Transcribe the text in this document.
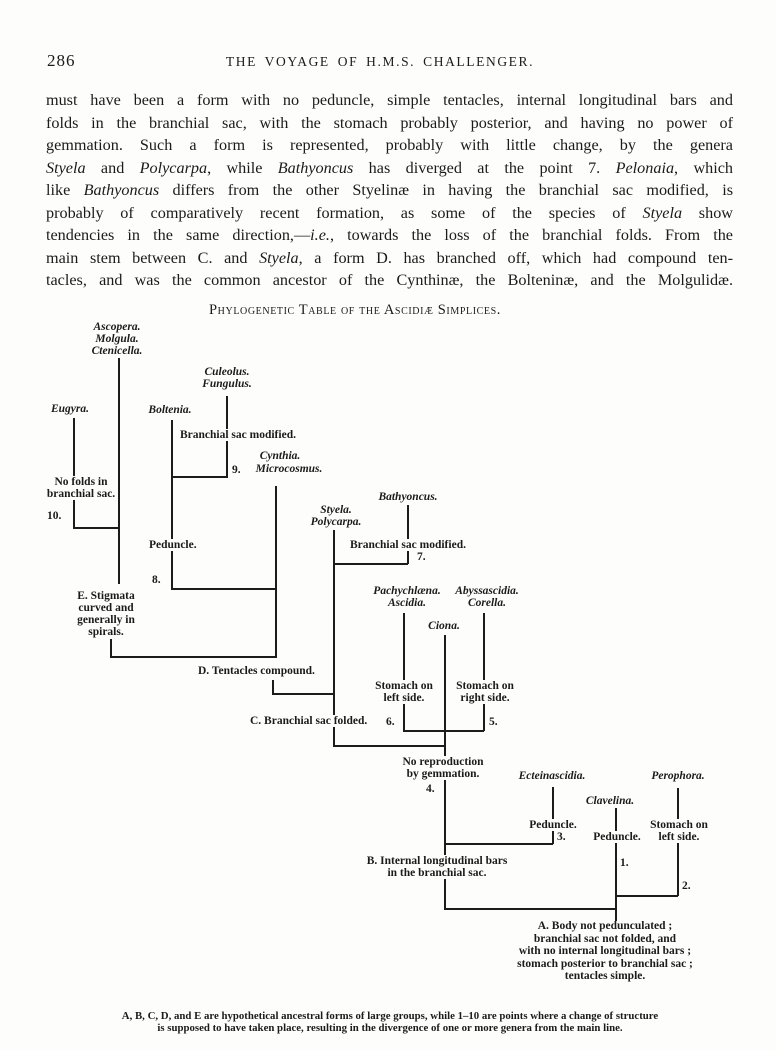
286	THE VOYAGE OF H.M.S. CHALLENGER.
must have been a form with no peduncle, simple tentacles, internal longitudinal bars and
folds in the branchial sac, with the stomach probably posterior, and having no power of
gemmation. Such a form is represented, probably with little change, by the genera
Styela and Polycarpa, while Bathyoncus has diverged at the point 7. Pelonaia, which
like Bathyoncus differs from the other Styelinæ in having the branchial sac modified, is
probably of comparatively recent formation, as some of the species of Styela show
tendencies in the same direction,—i.e., towards the loss of the branchial folds. From the
main stem between C. and Styela, a form D. has branched off, which had compound ten-
tacles, and was the common ancestor of the Cynthinæ, the Bolteninæ, and the Molgulidæ.
Phylogenetic Table of the Ascidiæ Simplices.
Ascopera.
Molgula.
Ctenicella.
Culeolus.
Fungulus.
Eugyra.	Boltenia.
Branchial sac modified.
Cynthia.
9. Microcosmus.
No folds in
branchial sac.	Bathyoncus.
Styela.
Polycarpa.
10.
Peduncle.	Branchial sac modified.
7.
8.
Pachychlæna.
Ascidia.
Abyssascidia.
Corella.
E. Stigmata
curved and
generally in
spirals.	Ciona.
D. Tentacles compound.
Stomach on
left side.
Stomach on
right side.
C. Branchial sac folded. 6.	5.
No reproduction
by gemmation.	Ecteinascidia.	Perophora.
4.
Clavelina.
Peduncle.	Stomach on
left side.
Peduncle.
3.
1.
B. Internal longitudinal bars
in the branchial sac.
2.
A. Body not pedunculated ;
branchial sac not folded, and
with no internal longitudinal bars ;
stomach posterior to branchial sac ;
tentacles simple.
A, B, C, D, and E are hypothetical ancestral forms of large groups, while 1–10 are points where a change of structure
is supposed to have taken place, resulting in the divergence of one or more genera from the main line.
